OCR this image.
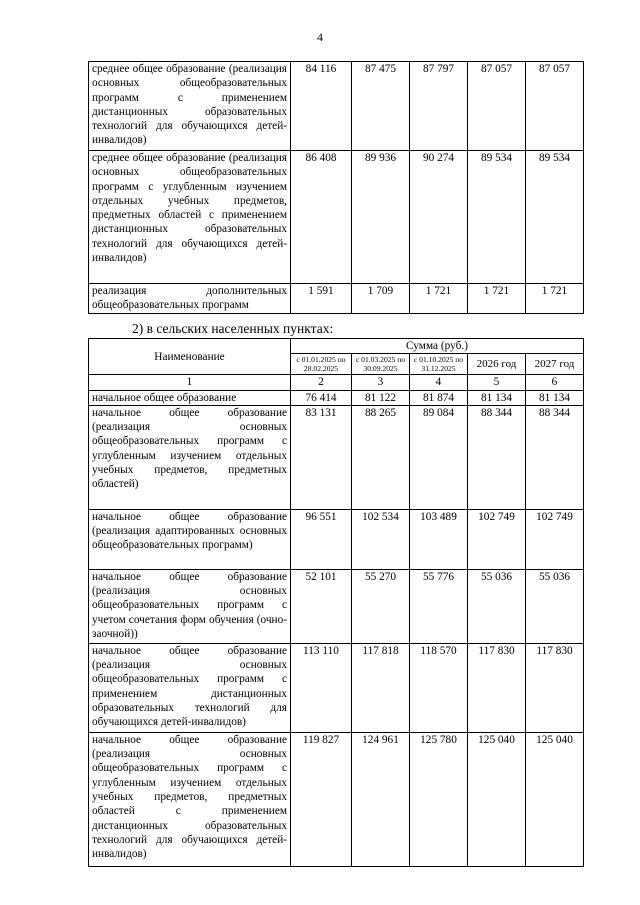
4
среднее общее образование (реализация основных общеобразовательных программ с применением дистанционных образовательных технологий для обучающихся детей-инвалидов)	84 116	87 475	87 797	87 057	87 057
среднее общее образование (реализация основных общеобразовательных программ с углубленным изучением отдельных учебных предметов, предметных областей с применением дистанционных образовательных технологий для обучающихся детей-инвалидов)	86 408	89 936	90 274	89 534	89 534
реализация дополнительных общеобразовательных программ	1 591	1 709	1 721	1 721	1 721
2) в сельских населенных пунктах:
Наименование	Сумма (руб.)				
	с 01.01.2025 по 28.02.2025	с 01.03.2025 по 30.09.2025	с 01.10.2025 по 31.12.2025	2026 год	2027 год
1	2	3	4	5	6
начальное общее образование	76 414	81 122	81 874	81 134	81 134
начальное общее образование (реализация основных общеобразовательных программ с углубленным изучением отдельных учебных предметов, предметных областей)	83 131	88 265	89 084	88 344	88 344
начальное общее образование (реализация адаптированных основных общеобразовательных программ)	96 551	102 534	103 489	102 749	102 749
начальное общее образование (реализация основных общеобразовательных программ с учетом сочетания форм обучения (очно-заочной))	52 101	55 270	55 776	55 036	55 036
начальное общее образование (реализация основных общеобразовательных программ с применением дистанционных образовательных технологий для обучающихся детей-инвалидов)	113 110	117 818	118 570	117 830	117 830
начальное общее образование (реализация основных общеобразовательных программ с углубленным изучением отдельных учебных предметов, предметных областей с применением дистанционных образовательных технологий для обучающихся детей-инвалидов)	119 827	124 961	125 780	125 040	125 040
